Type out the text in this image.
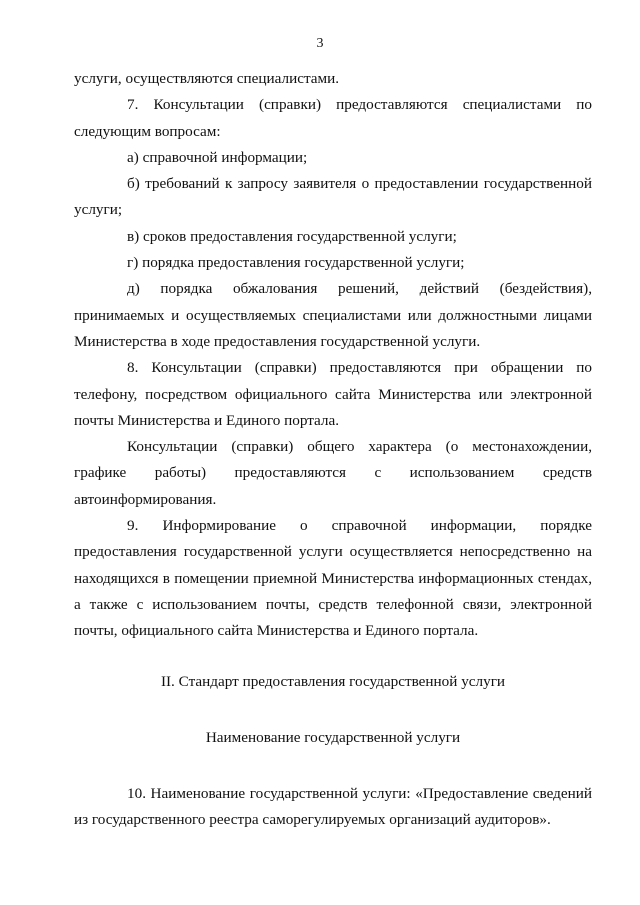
3

услуги, осуществляются специалистами.

7. Консультации (справки) предоставляются специалистами по следующим вопросам:

а) справочной информации;

б) требований к запросу заявителя о предоставлении государственной услуги;

в) сроков предоставления государственной услуги;

г) порядка предоставления государственной услуги;

д) порядка обжалования решений, действий (бездействия), принимаемых и осуществляемых специалистами или должностными лицами Министерства в ходе предоставления государственной услуги.

8. Консультации (справки) предоставляются при обращении по телефону, посредством официального сайта Министерства или электронной почты Министерства и Единого портала.

Консультации (справки) общего характера (о местонахождении, графике работы) предоставляются с использованием средств автоинформирования.

9. Информирование о справочной информации, порядке предоставления государственной услуги осуществляется непосредственно на находящихся в помещении приемной Министерства информационных стендах, а также с использованием почты, средств телефонной связи, электронной почты, официального сайта Министерства и Единого портала.

II. Стандарт предоставления государственной услуги

Наименование государственной услуги

10. Наименование государственной услуги: «Предоставление сведений из государственного реестра саморегулируемых организаций аудиторов».
